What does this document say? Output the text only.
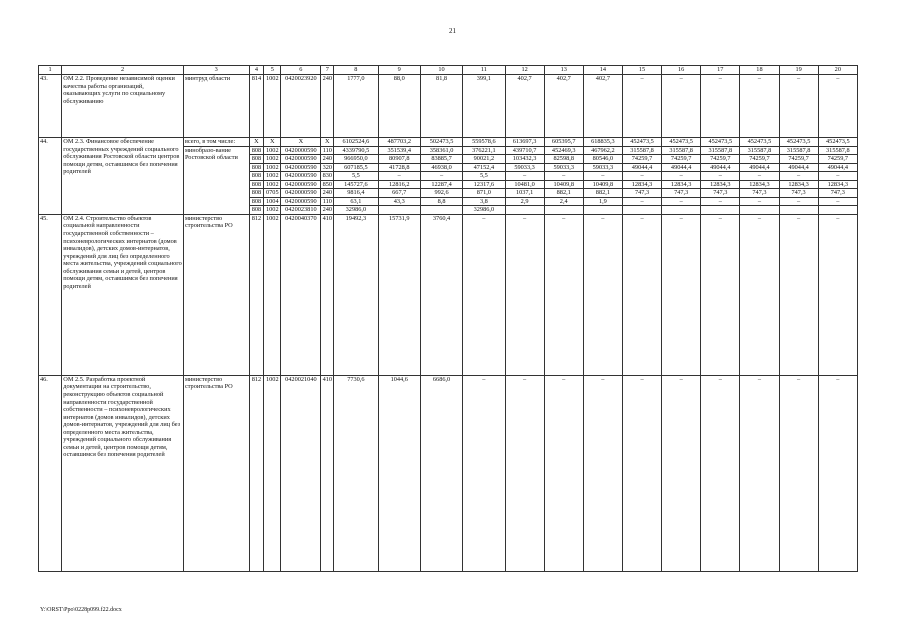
21
1	2	3	4	5	6	7	8	9	10	11	12	13	14	15	16	17	18	19	20
43.	ОМ 2.2. Проведение независимой оценки качества работы организаций, оказывающих услуги по социальному обслуживанию	минтруд области	814	1002	0420023920	240	1777,0	88,0	81,8	399,1	402,7	402,7	402,7	–	–	–	–	–	–
44.	ОМ 2.3. Финансовое обеспечение государственных учреждений социального обслуживания Ростовской области центров помощи детям, оставшимся без попечения родителей	всего, в том числе:	X	X	X	X	6102524,6	487703,2	502473,5	559578,6	613697,3	605395,7	618835,3	452473,5	452473,5	452473,5	452473,5	452473,5	452473,5
		минобразо-вание Ростовской области	808	1002	0420000590	110	4339790,5	351539,4	358361,0	376221,1	439710,7	452469,3	467962,2	315587,8	315587,8	315587,8	315587,8	315587,8	315587,8
			808	1002	0420000590	240	966950,0	80907,8	83885,7	90021,2	103432,3	82598,8	80546,0	74259,7	74259,7	74259,7	74259,7	74259,7	74259,7
			808	1002	0420000590	320	607185,5	41728,8	46938,0	47152,4	59033,3	59033,3	59033,3	49044,4	49044,4	49044,4	49044,4	49044,4	49044,4
			808	1002	0420000590	830	5,5	–	–	5,5	–	–	–	–	–	–	–	–	–
			808	1002	0420000590	850	145727,6	12816,2	12287,4	12317,6	10481,0	10409,8	10409,8	12834,3	12834,3	12834,3	12834,3	12834,3	12834,3
			808	0705	0420000590	240	9816,4	667,7	992,6	871,0	1037,1	882,1	882,1	747,3	747,3	747,3	747,3	747,3	747,3
			808	1004	0420000590	110	63,1	43,3	8,8	3,8	2,9	2,4	1,9	–	–	–	–	–	–
			808	1002	0420023810	240	32986,0			32986,0									
45.	ОМ 2.4. Строительство объектов социальной направленности государственной собственности – психоневрологических интернатов (домов инвалидов), детских домов-интернатов, учреждений для лиц без определенного места жительства, учреждений социального обслуживания семьи и детей, центров помощи детям, оставшимся без попечения родителей	министерство строительства РО	812	1002	0420040370	410	19492,3	15731,9	3760,4	–	–	–	–	–	–	–	–	–	–
46.	ОМ 2.5. Разработка проектной документации на строительство, реконструкцию объектов социальной направленности государственной собственности – психоневрологических интернатов (домов инвалидов), детских домов-интернатов, учреждений для лиц без определенного места жительства, учреждений социального обслуживания семьи и детей, центров помощи детям, оставшимся без попечения родителей	министерство строительства РО	812	1002	0420021040	410	7730,6	1044,6	6686,0	–	–	–	–	–	–	–	–	–	–
Y:\ORST\Ppo\0228p099.f22.docx
